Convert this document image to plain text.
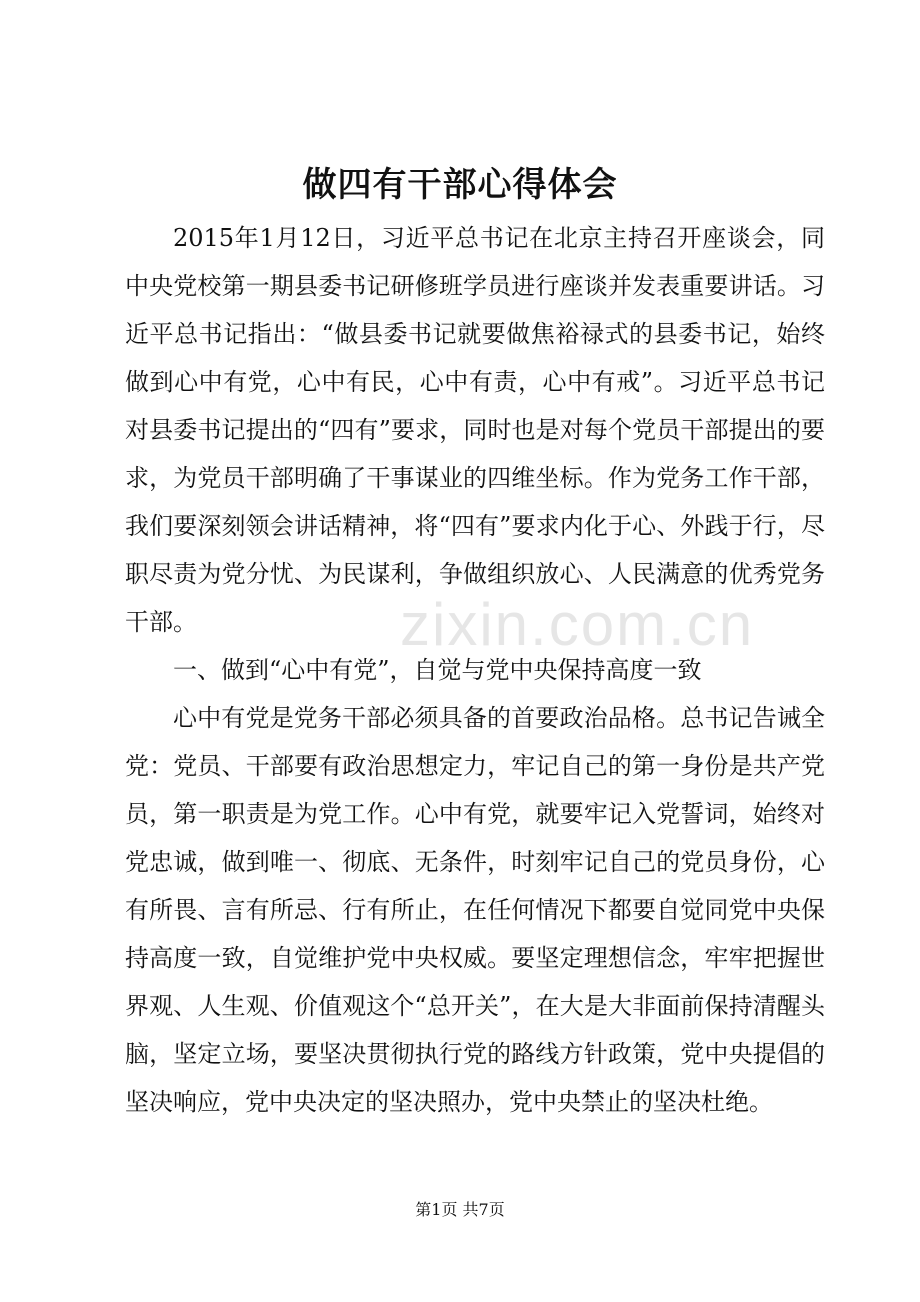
zixin.com.cn
做四有干部心得体会

2015年1月12日，习近平总书记在北京主持召开座谈会，同中央党校第一期县委书记研修班学员进行座谈并发表重要讲话。习近平总书记指出：“做县委书记就要做焦裕禄式的县委书记，始终做到心中有党，心中有民，心中有责，心中有戒”。习近平总书记对县委书记提出的“四有”要求，同时也是对每个党员干部提出的要求，为党员干部明确了干事谋业的四维坐标。作为党务工作干部，我们要深刻领会讲话精神，将“四有”要求内化于心、外践于行，尽职尽责为党分忧、为民谋利，争做组织放心、人民满意的优秀党务干部。

一、做到“心中有党”，自觉与党中央保持高度一致

心中有党是党务干部必须具备的首要政治品格。总书记告诫全党：党员、干部要有政治思想定力，牢记自己的第一身份是共产党员，第一职责是为党工作。心中有党，就要牢记入党誓词，始终对党忠诚，做到唯一、彻底、无条件，时刻牢记自己的党员身份，心有所畏、言有所忌、行有所止，在任何情况下都要自觉同党中央保持高度一致，自觉维护党中央权威。要坚定理想信念，牢牢把握世界观、人生观、价值观这个“总开关”，在大是大非面前保持清醒头脑，坚定立场，要坚决贯彻执行党的路线方针政策，党中央提倡的坚决响应，党中央决定的坚决照办，党中央禁止的坚决杜绝。

第1页 共7页
